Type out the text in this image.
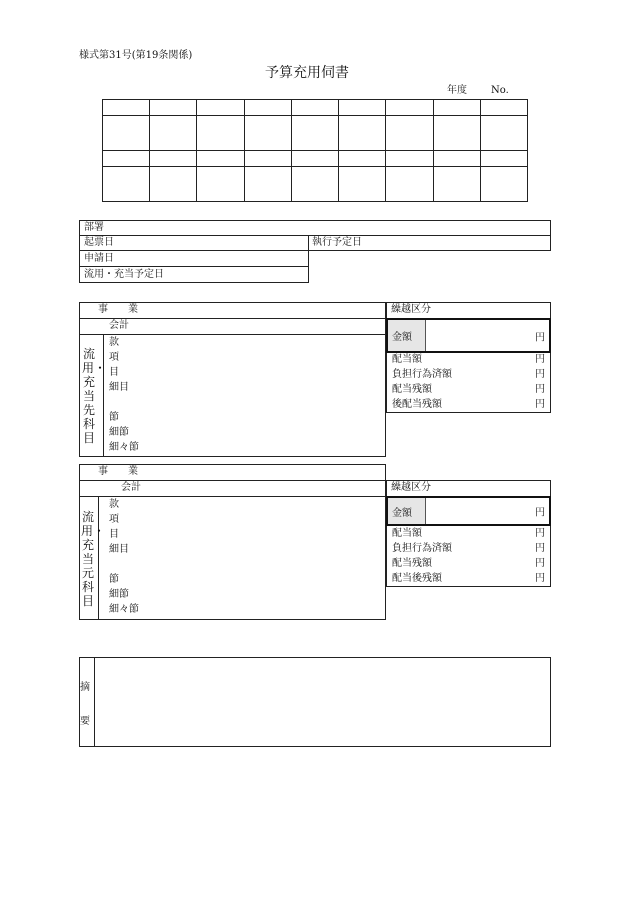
様式第31号(第19条関係)
予算充用伺書
年度 No.

部署
起票日	執行予定日
申請日
流用・充当予定日
事　　業
会計
流用・充当先科目
款
項
目
細目
節
細節
細々節
繰越区分
金額	円
配当額	円
負担行為済額	円
配当残額	円
後配当残額	円
事　　業
会計
流用・充当元科目
款
項
目
細目
節
細節
細々節
繰越区分
金額	円
配当額	円
負担行為済額	円
配当残額	円
配当後残額	円
摘
要
